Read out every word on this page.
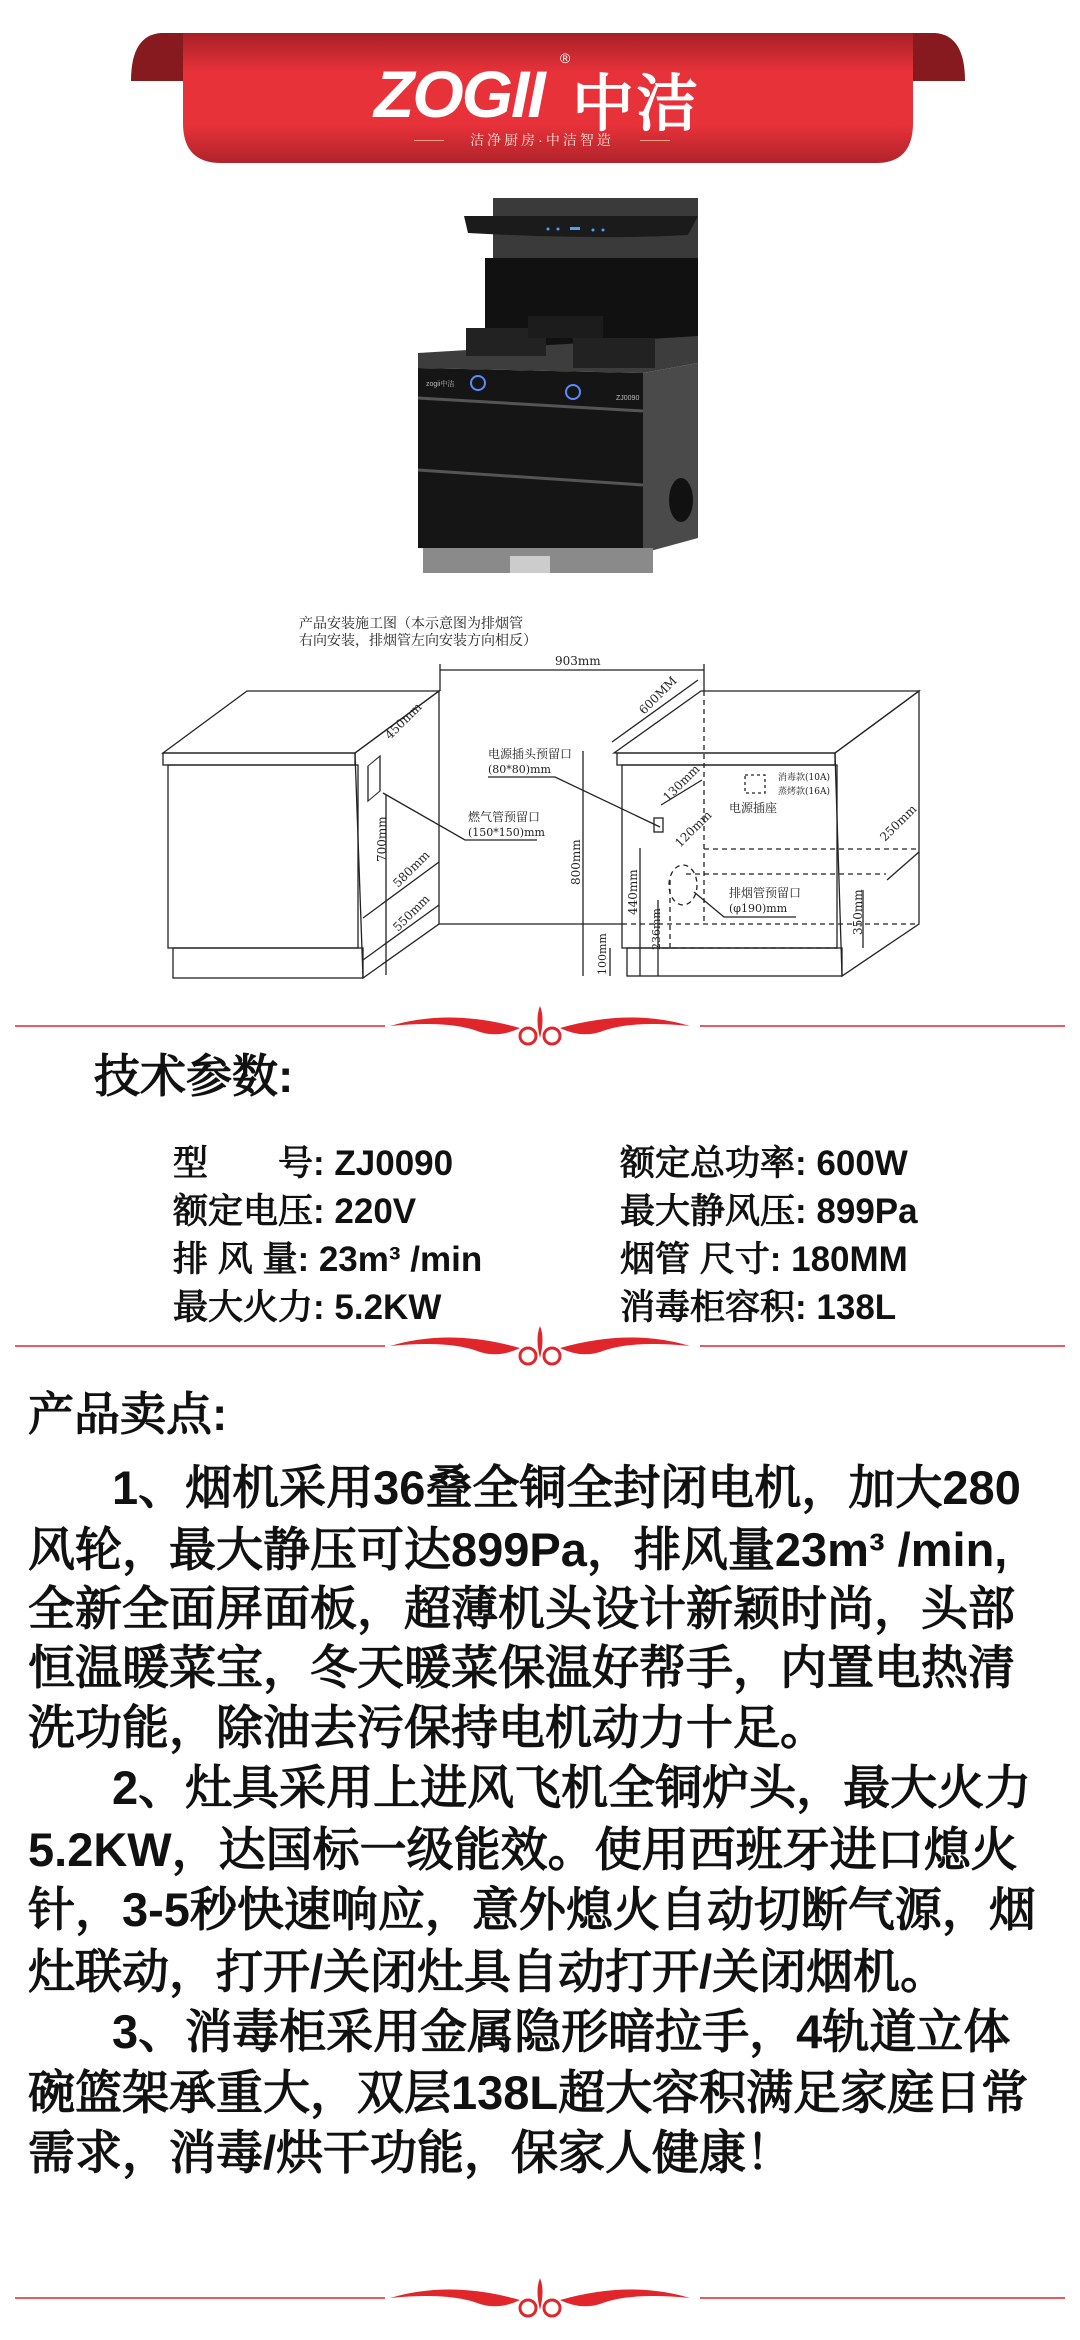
ZOGII ®
中洁
洁净厨房·中洁智造
zogii中洁
ZJ0090
产品安装施工图（本示意图为排烟管
右向安装，排烟管左向安装方向相反）
903mm
450mm
700mm
580mm
550mm
燃气管预留口
(150*150)mm
600MM
800mm
100mm
电源插头预留口
(80*80)mm	130mm
120mm
440mm
236mm
消毒款(10A)
蒸烤款(16A)
电源插座
排烟管预留口
(φ190)mm
250mm
350mm
技术参数:
型　　号: ZJ0090	额定总功率: 600W
额定电压: 220V	最大静风压: 899Pa
排 风 量: 23m³ /min	烟管 尺寸: 180MM
最大火力: 5.2KW	消毒柜容积: 138L
产品卖点:
1、烟机采用36叠全铜全封闭电机，加大280
风轮，最大静压可达899Pa，排风量23m³ /min,
全新全面屏面板，超薄机头设计新颖时尚，头部
恒温暖菜宝，冬天暖菜保温好帮手，内置电热清
洗功能，除油去污保持电机动力十足。
2、灶具采用上进风飞机全铜炉头，最大火力
5.2KW，达国标一级能效。使用西班牙进口熄火
针，3-5秒快速响应，意外熄火自动切断气源，烟
灶联动，打开/关闭灶具自动打开/关闭烟机。
3、消毒柜采用金属隐形暗拉手，4轨道立体
碗篮架承重大，双层138L超大容积满足家庭日常
需求，消毒/烘干功能，保家人健康！
